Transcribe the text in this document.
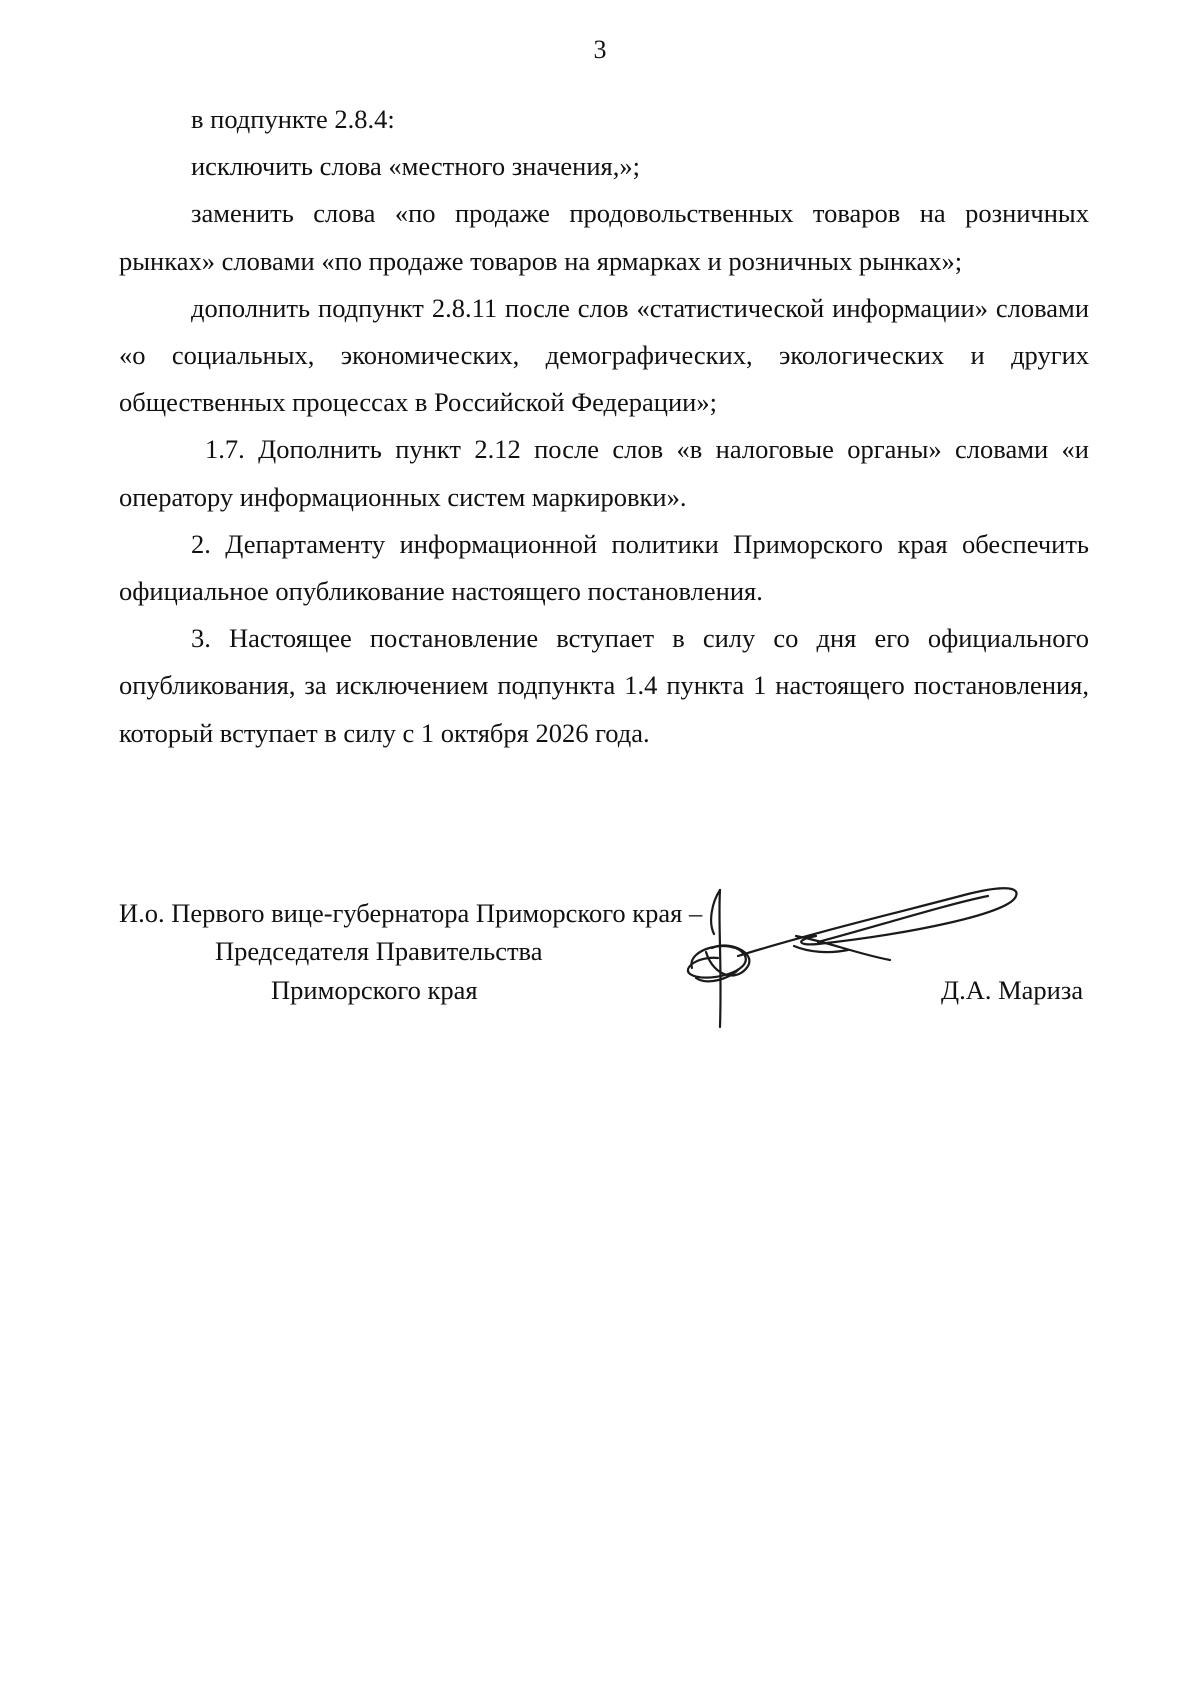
3

в подпункте 2.8.4:

исключить слова «местного значения,»;

заменить слова «по продаже продовольственных товаров на розничных рынках» словами «по продаже товаров на ярмарках и розничных рынках»;

дополнить подпункт 2.8.11 после слов «статистической информации» словами «о социальных, экономических, демографических, экологических и других общественных процессах в Российской Федерации»;

1.7. Дополнить пункт 2.12 после слов «в налоговые органы» словами «и оператору информационных систем маркировки».

2. Департаменту информационной политики Приморского края обеспечить официальное опубликование настоящего постановления.

3. Настоящее постановление вступает в силу со дня его официального опубликования, за исключением подпункта 1.4 пункта 1 настоящего постановления, который вступает в силу с 1 октября 2026 года.

И.о. Первого вице-губернатора Приморского края –
Председателя Правительства
Приморского края	Д.А. Мариза
